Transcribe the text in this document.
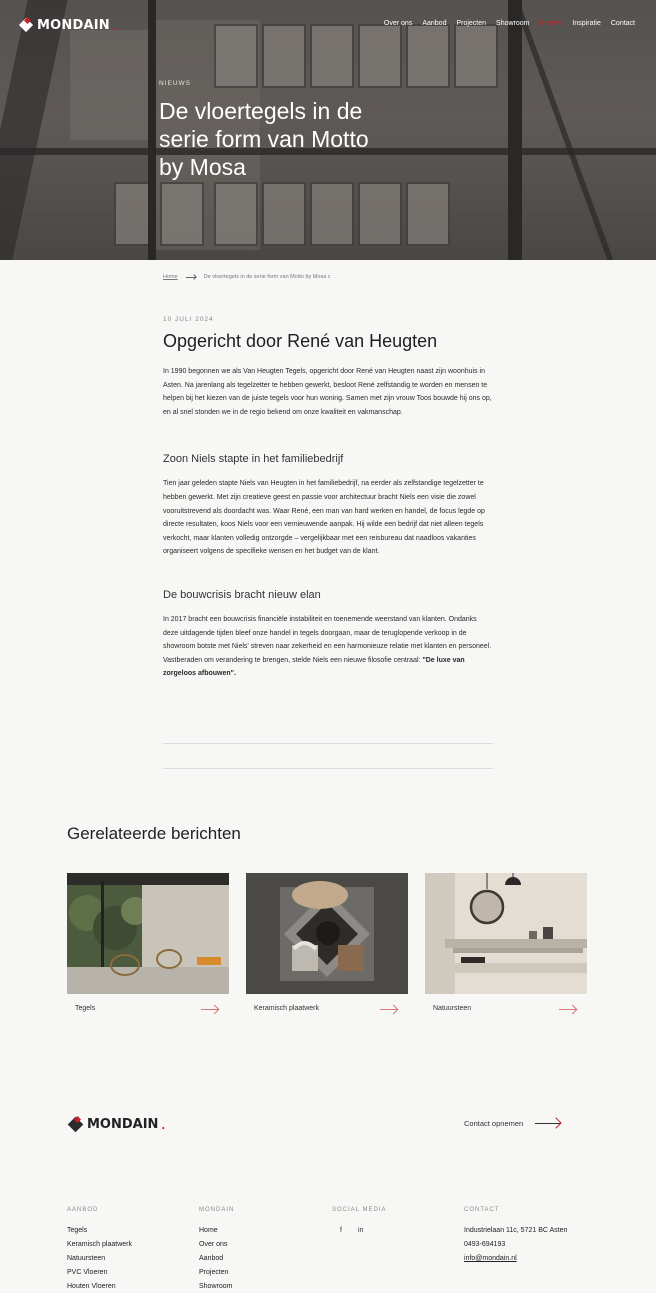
MONDAIN .	Over ons Aanbod Projecten Showroom Nieuws Inspiratie Contact
NIEUWS
De vloertegels in de serie form van Motto by Mosa
Home	De vloertegels in de serie form van Motto by Mosa c
10 JULI 2024
Opgericht door René van Heugten

In 1990 begonnen we als Van Heugten Tegels, opgericht door René van Heugten naast zijn woonhuis in Asten. Na jarenlang als tegelzetter te hebben gewerkt, besloot René zelfstandig te worden en mensen te helpen bij het kiezen van de juiste tegels voor hun woning. Samen met zijn vrouw Toos bouwde hij ons op, en al snel stonden we in de regio bekend om onze kwaliteit en vakmanschap.

Zoon Niels stapte in het familiebedrijf

Tien jaar geleden stapte Niels van Heugten in het familiebedrijf, na eerder als zelfstandige tegelzetter te hebben gewerkt. Met zijn creatieve geest en passie voor architectuur bracht Niels een visie die zowel vooruitstrevend als doordacht was. Waar René, een man van hard werken en handel, de focus legde op directe resultaten, koos Niels voor een vernieuwende aanpak. Hij wilde een bedrijf dat niet alleen tegels verkocht, maar klanten volledig ontzorgde – vergelijkbaar met een reisbureau dat naadloos vakanties organiseert volgens de specifieke wensen en het budget van de klant.

De bouwcrisis bracht nieuw elan

In 2017 bracht een bouwcrisis financiële instabiliteit en toenemende weerstand van klanten. Ondanks deze uitdagende tijden bleef onze handel in tegels doorgaan, maar de teruglopende verkoop in de showroom botste met Niels' streven naar zekerheid en een harmonieuze relatie met klanten en personeel. Vastberaden om verandering te brengen, stelde Niels een nieuwe filosofie centraal: "De luxe van zorgeloos afbouwen".

Gerelateerde berichten
Tegels	Keramisch plaatwerk	Natuursteen
MONDAIN .	Contact opnemen
AANBOD
Tegels
Keramisch plaatwerk
Natuursteen
PVC Vloeren
Houten Vloeren
MONDAIN
Home
Over ons
Aanbod
Projecten
Showroom
SOCIAL MEDIA
f in
CONTACT
Industrielaan 11c, 5721 BC Asten
0493-694193
info@mondain.nl
